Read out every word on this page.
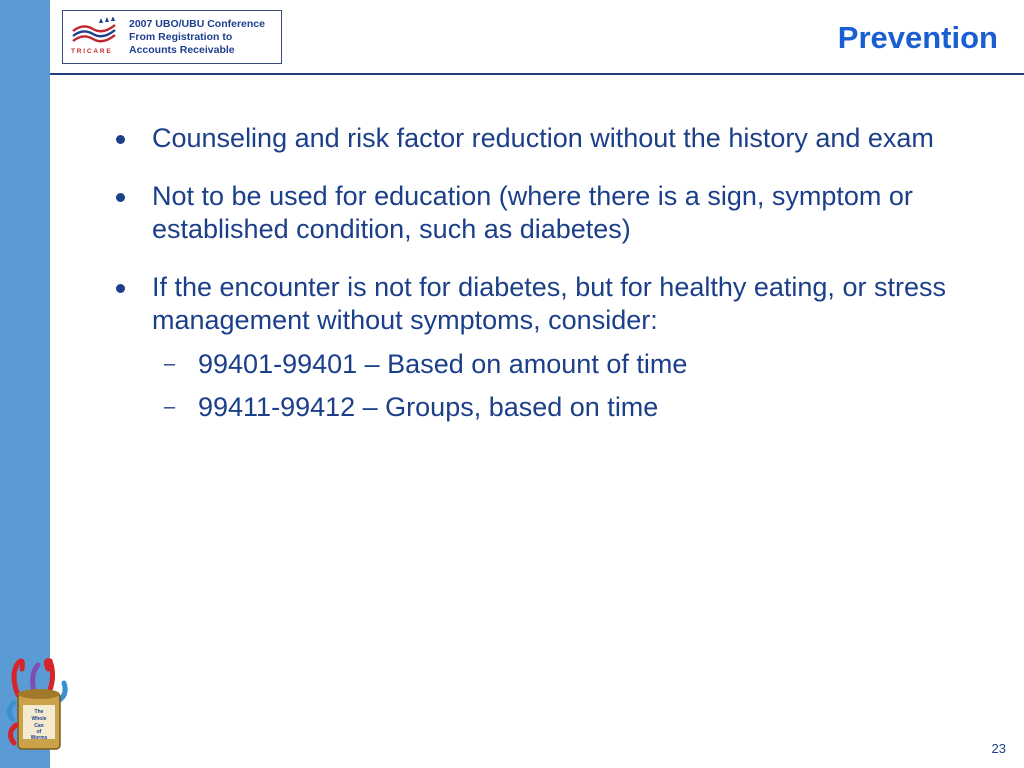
TRICARE
2007 UBO/UBU Conference
From Registration to
Accounts Receivable	Prevention
Counseling and risk factor reduction without the history and exam
Not to be used for education (where there is a sign, symptom or established condition, such as diabetes)
If the encounter is not for diabetes, but for healthy eating, or stress management without symptoms, consider:
– 99401-99401 – Based on amount of time
– 99411-99412 – Groups, based on time
The
Whole
Can
of
Worms
23
